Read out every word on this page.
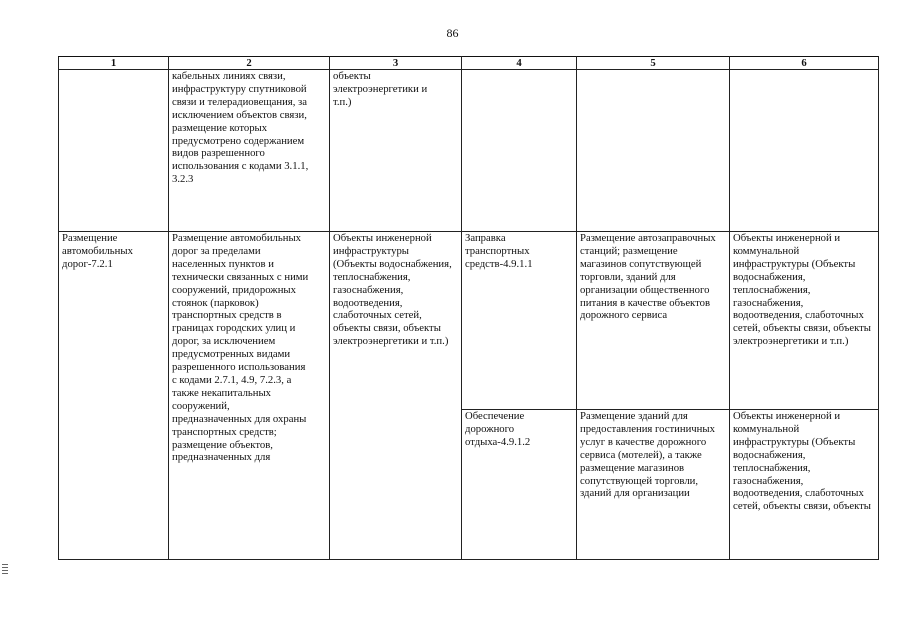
86
1	2	3	4	5	6

	кабельных линиях связи, инфраструктуру спутниковой связи и телерадиовещания, за исключением объектов связи, размещение которых предусмотрено содержанием видов разрешенного использования с кодами 3.1.1, 3.2.3	объекты электроэнергетики и т.п.)			

Размещение автомобильных дорог-7.2.1	Размещение автомобильных дорог за пределами населенных пунктов и технически связанных с ними сооружений, придорожных стоянок (парковок) транспортных средств в границах городских улиц и дорог, за исключением предусмотренных видами разрешенного использования с кодами 2.7.1, 4.9, 7.2.3, а также некапитальных сооружений, предназначенных для охраны транспортных средств; размещение объектов, предназначенных для	Объекты инженерной инфраструктуры (Объекты водоснабжения, теплоснабжения, газоснабжения, водоотведения, слаботочных сетей, объекты связи, объекты электроэнергетики и т.п.)	Заправка транспортных средств-4.9.1.1	Размещение автозаправочных станций; размещение магазинов сопутствующей торговли, зданий для организации общественного питания в качестве объектов дорожного сервиса	Объекты инженерной и коммунальной инфраструктуры (Объекты водоснабжения, теплоснабжения, газоснабжения, водоотведения, слаботочных сетей, объекты связи, объекты электроэнергетики и т.п.)

			Обеспечение дорожного отдыха-4.9.1.2	Размещение зданий для предоставления гостиничных услуг в качестве дорожного сервиса (мотелей), а также размещение магазинов сопутствующей торговли, зданий для организации	Объекты инженерной и коммунальной инфраструктуры (Объекты водоснабжения, теплоснабжения, газоснабжения, водоотведения, слаботочных сетей, объекты связи, объекты
